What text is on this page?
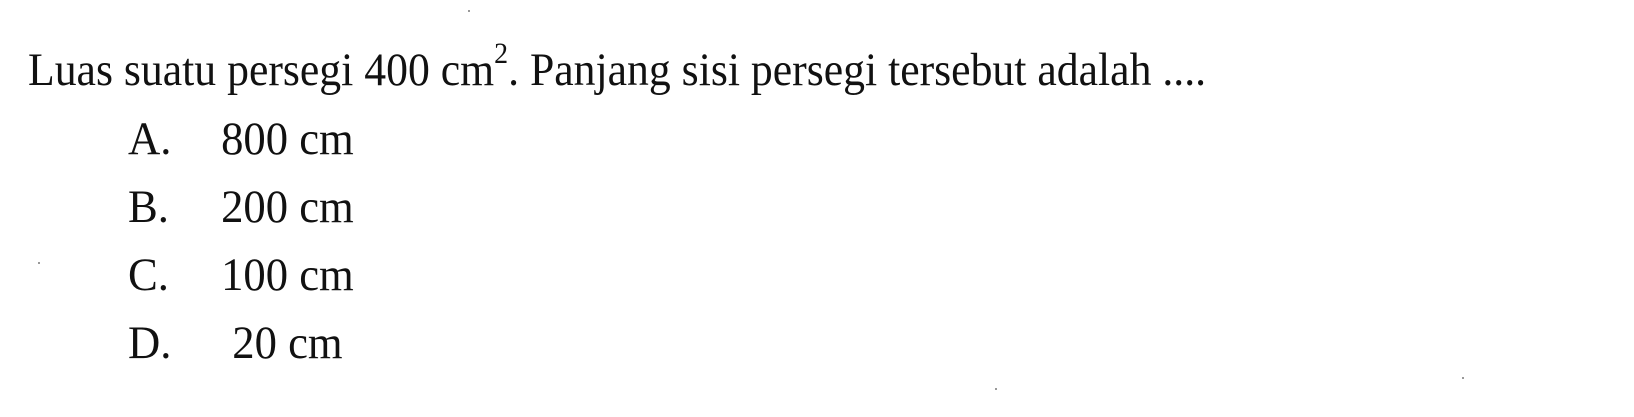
Luas suatu persegi 400 $cm^2$. Panjang sisi persegi tersebut adalah ....
A. 800 cm
B. 200 cm
C. 100 cm
D. 20 cm
